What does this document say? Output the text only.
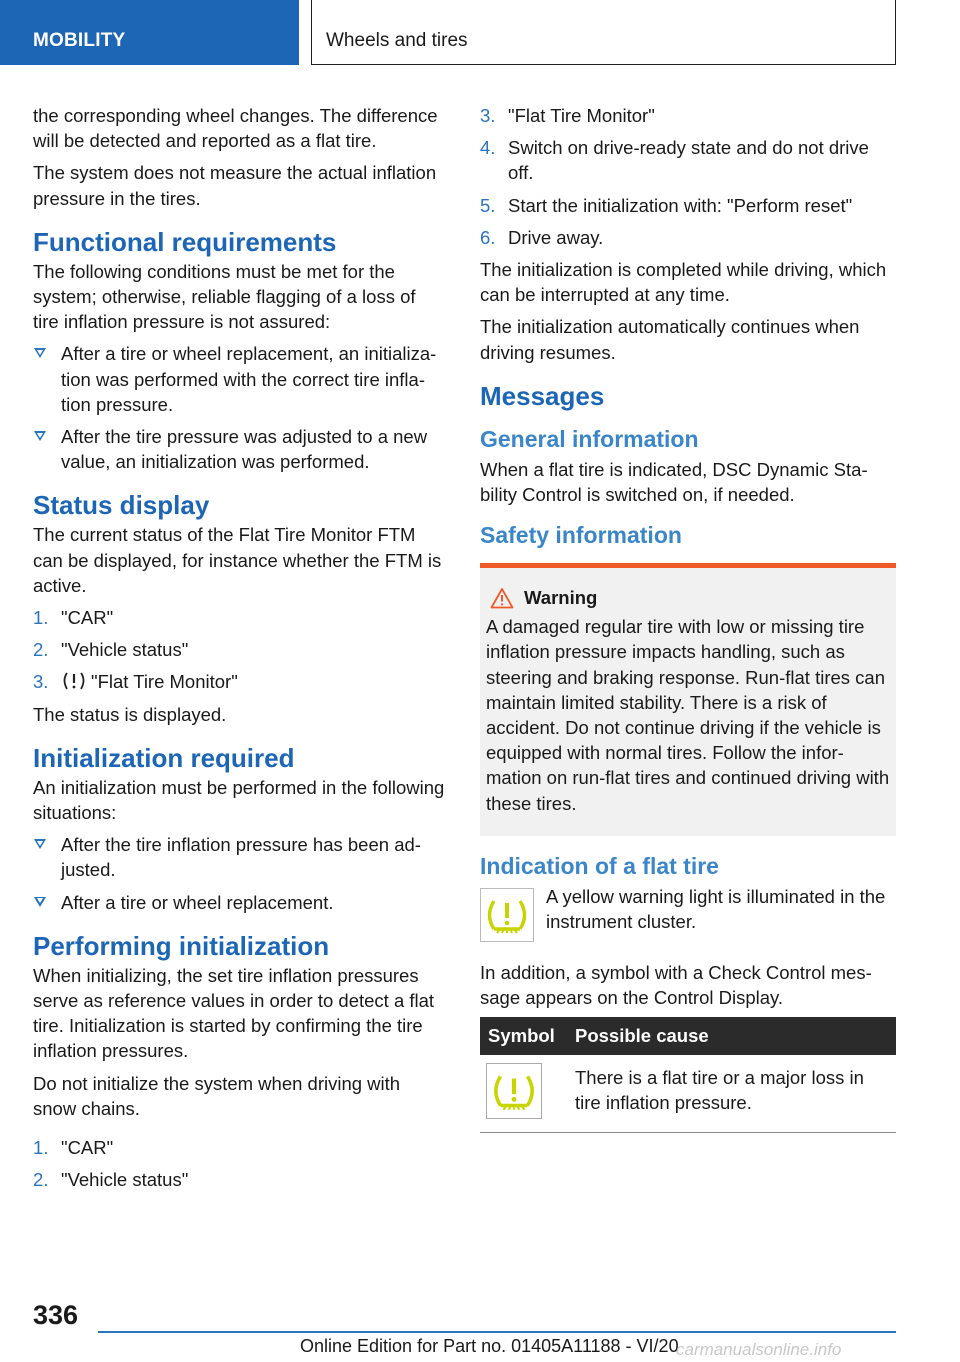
MOBILITY	Wheels and tires

the corresponding wheel changes. The difference will be detected and reported as a flat tire.

The system does not measure the actual inflation pressure in the tires.

Functional requirements

The following conditions must be met for the system; otherwise, reliable flagging of a loss of tire inflation pressure is not assured:

After a tire or wheel replacement, an initialization was performed with the correct tire inflation pressure.
After the tire pressure was adjusted to a new value, an initialization was performed.
Status display

The current status of the Flat Tire Monitor FTM can be displayed, for instance whether the FTM is active.

1. "CAR"
2. "Vehicle status"
3. "Flat Tire Monitor"

The status is displayed.

Initialization required

An initialization must be performed in the following situations:

After the tire inflation pressure has been adjusted.
After a tire or wheel replacement.
Performing initialization

When initializing, the set tire inflation pressures serve as reference values in order to detect a flat tire. Initialization is started by confirming the tire inflation pressures.

Do not initialize the system when driving with snow chains.

1. "CAR"
2. "Vehicle status"
3. "Flat Tire Monitor"
4. Switch on drive-ready state and do not drive off.
5. Start the initialization with: "Perform reset"
6. Drive away.

The initialization is completed while driving, which can be interrupted at any time.

The initialization automatically continues when driving resumes.

Messages
General information

When a flat tire is indicated, DSC Dynamic Stability Control is switched on, if needed.

Safety information
Warning

A damaged regular tire with low or missing tire inflation pressure impacts handling, such as steering and braking response. Run-flat tires can maintain limited stability. There is a risk of accident. Do not continue driving if the vehicle is equipped with normal tires. Follow the information on run-flat tires and continued driving with these tires.

Indication of a flat tire

A yellow warning light is illuminated in the instrument cluster.

In addition, a symbol with a Check Control message appears on the Control Display.

Symbol	Possible cause

	There is a flat tire or a major loss in tire inflation pressure.
336
Online Edition for Part no. 01405A11188 - VI/20
carmanualsonline.info
